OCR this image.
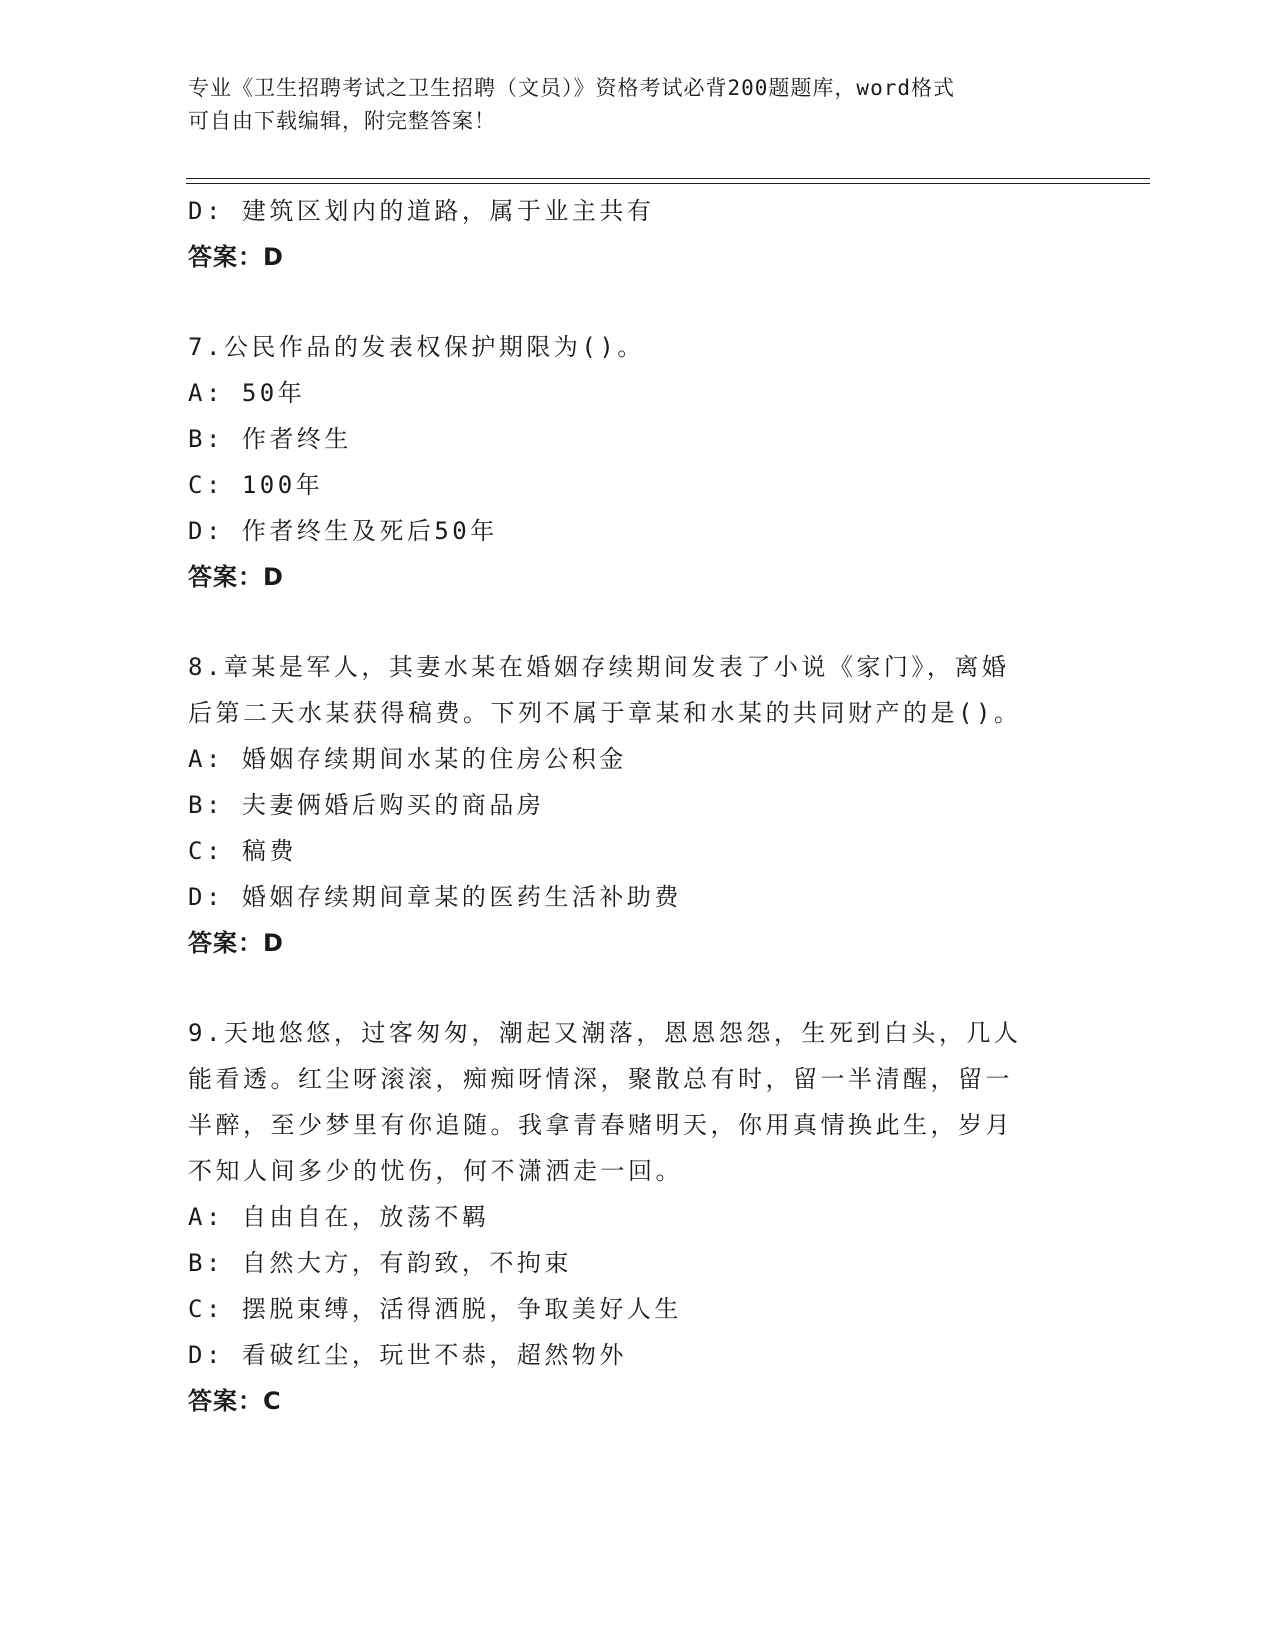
专业《卫生招聘考试之卫生招聘（文员）》资格考试必背200题题库，word格式
可自由下载编辑，附完整答案！
D: 建筑区划内的道路，属于业主共有
答案：D
7.公民作品的发表权保护期限为()。
A: 50年
B: 作者终生
C: 100年
D: 作者终生及死后50年
答案：D
8.章某是军人，其妻水某在婚姻存续期间发表了小说《家门》，离婚
后第二天水某获得稿费。下列不属于章某和水某的共同财产的是()。
A: 婚姻存续期间水某的住房公积金
B: 夫妻俩婚后购买的商品房
C: 稿费
D: 婚姻存续期间章某的医药生活补助费
答案：D
9.天地悠悠，过客匆匆，潮起又潮落，恩恩怨怨，生死到白头，几人
能看透。红尘呀滚滚，痴痴呀情深，聚散总有时，留一半清醒，留一
半醉，至少梦里有你追随。我拿青春赌明天，你用真情换此生，岁月
不知人间多少的忧伤，何不潇洒走一回。
A: 自由自在，放荡不羁
B: 自然大方，有韵致，不拘束
C: 摆脱束缚，活得洒脱，争取美好人生
D: 看破红尘，玩世不恭，超然物外
答案：C
